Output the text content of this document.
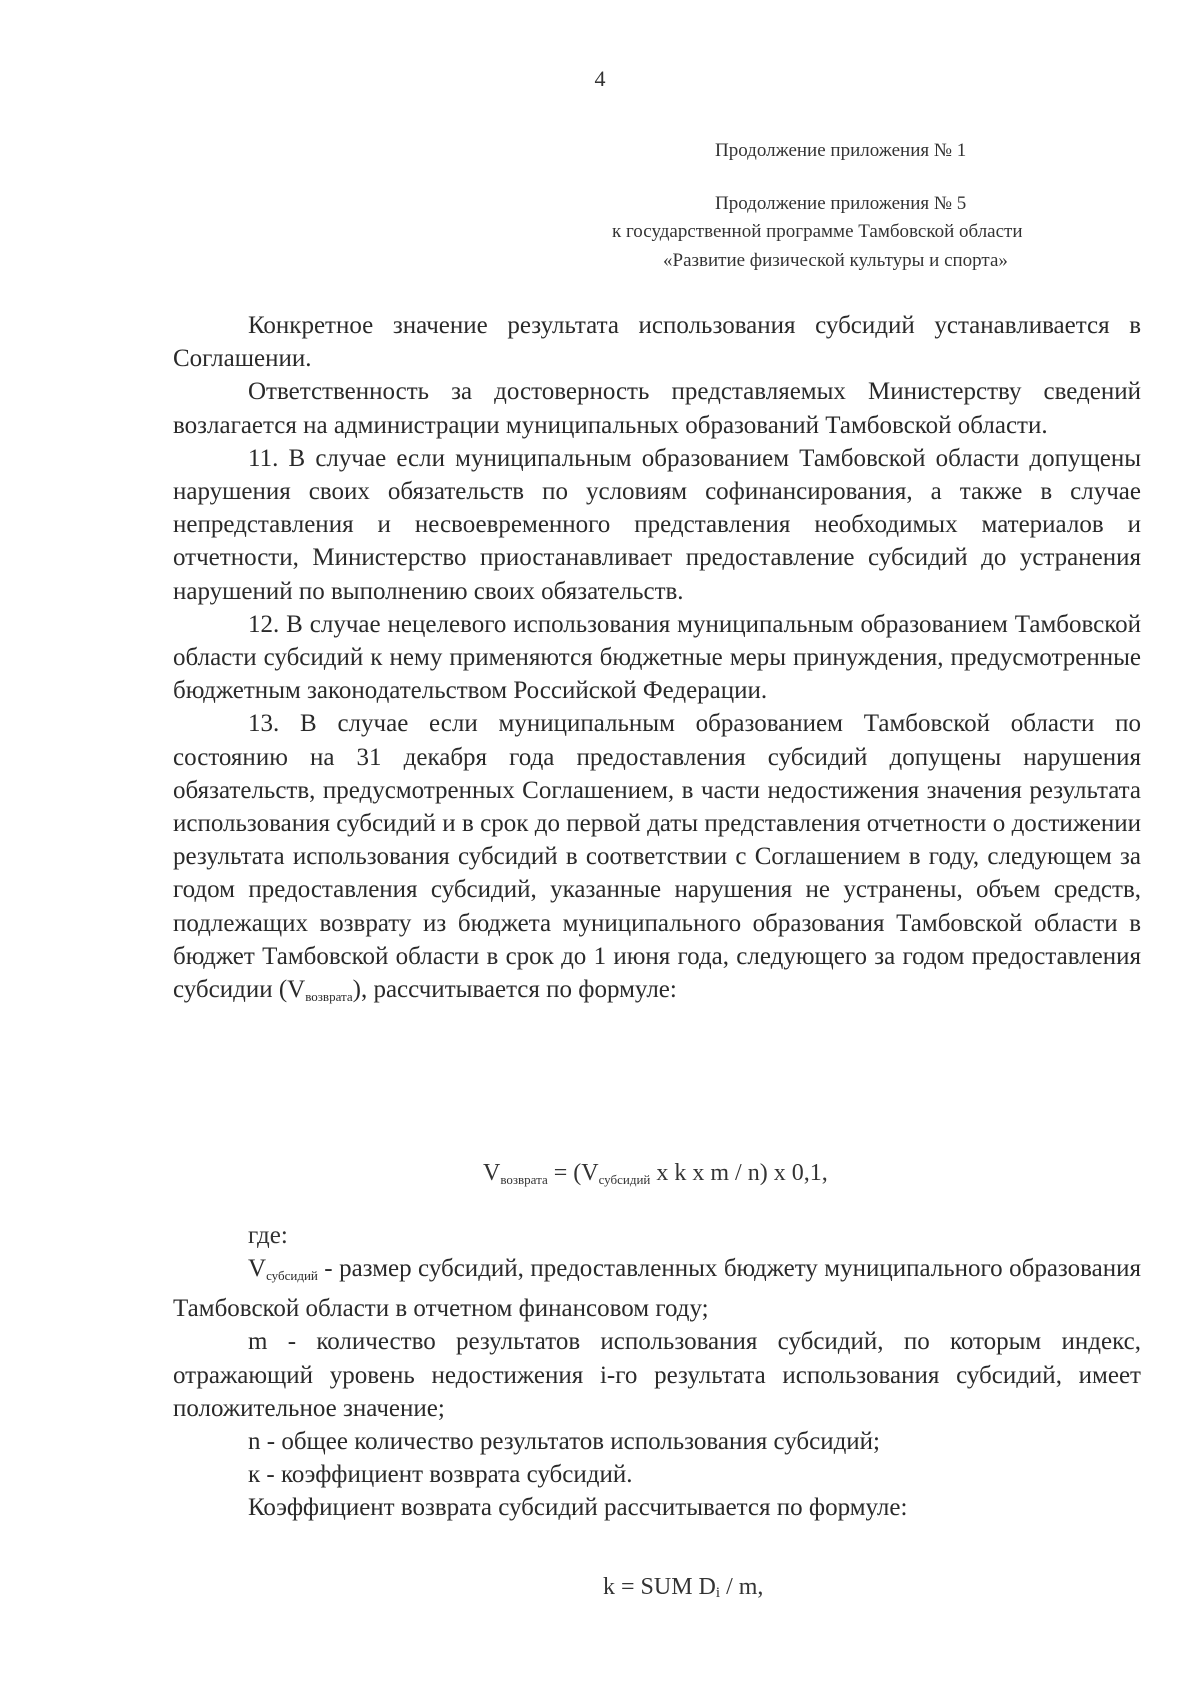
4
Продолжение приложения № 1
Продолжение приложения № 5
к государственной программе Тамбовской области
«Развитие физической культуры и спорта»

Конкретное значение результата использования субсидий устанавливается в Соглашении.

Ответственность за достоверность представляемых Министерству сведений возлагается на администрации муниципальных образований Тамбовской области.

11. В случае если муниципальным образованием Тамбовской области допущены нарушения своих обязательств по условиям софинансирования, а также в случае непредставления и несвоевременного представления необходимых материалов и отчетности, Министерство приостанавливает предоставление субсидий до устранения нарушений по выполнению своих обязательств.

12. В случае нецелевого использования муниципальным образованием Тамбовской области субсидий к нему применяются бюджетные меры принуждения, предусмотренные бюджетным законодательством Российской Федерации.

13. В случае если муниципальным образованием Тамбовской области по состоянию на 31 декабря года предоставления субсидий допущены нарушения обязательств, предусмотренных Соглашением, в части недостижения значения результата использования субсидий и в срок до первой даты представления отчетности о достижении результата использования субсидий в соответствии с Соглашением в году, следующем за годом предоставления субсидий, указанные нарушения не устранены, объем средств, подлежащих возврату из бюджета муниципального образования Тамбовской области в бюджет Тамбовской области в срок до 1 июня года, следующего за годом предоставления субсидии $(V_{возврата})$, рассчитывается по формуле:

$V_{возврата} = (V_{субсидий}$ x k x m / n) x 0,1,
где:

$V_{субсидий}$ - размер субсидий, предоставленных бюджету муниципального образования Тамбовской области в отчетном финансовом году;

m - количество результатов использования субсидий, по которым индекс, отражающий уровень недостижения i-го результата использования субсидий, имеет положительное значение;

n - общее количество результатов использования субсидий;

к - коэффициент возврата субсидий.

Коэффициент возврата субсидий рассчитывается по формуле:

k = SUM Di / m,
